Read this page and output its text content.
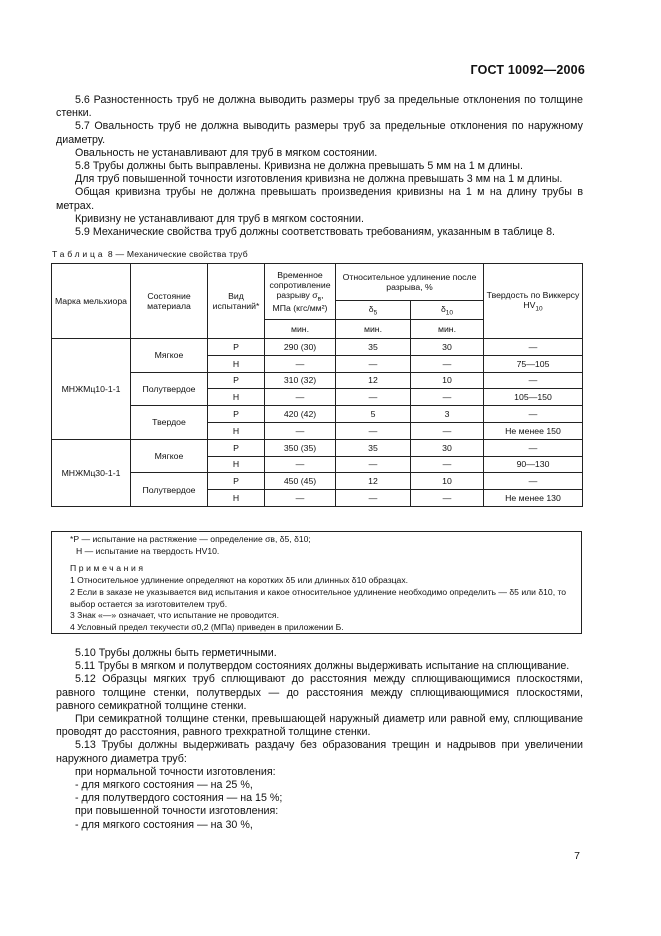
ГОСТ 10092—2006

5.6 Разностенность труб не должна выводить размеры труб за предельные отклонения по толщине стенки.

5.7 Овальность труб не должна выводить размеры труб за предельные отклонения по наружному диаметру.

Овальность не устанавливают для труб в мягком состоянии.

5.8 Трубы должны быть выправлены. Кривизна не должна превышать 5 мм на 1 м длины.

Для труб повышенной точности изготовления кривизна не должна превышать 3 мм на 1 м длины.

Общая кривизна трубы не должна превышать произведения кривизны на 1 м на длину трубы в метрах.

Кривизну не устанавливают для труб в мягком состоянии.

5.9 Механические свойства труб должны соответствовать требованиям, указанным в таблице 8.

Таблица 8 — Механические свойства труб
Марка мельхиора	Состояние материала	Вид испытаний*	Временное сопротивление разрыву $\sigma_в$, МПа (кгс/мм²)	Относительное удлинение после разрыва, %		Твердость по Виккерсу $HV_{10}$
				$\delta_5$	$\delta_{10}$
			мин.	мин.	мин.	
МНЖМц10-1-1	Мягкое	Р	290 (30)	35	30	—
		Н	—	—	—	75—105
	Полутвердое	Р	310 (32)	12	10	—
		Н	—	—	—	105—150
	Твердое	Р	420 (42)	5	3	—
		Н	—	—	—	Не менее 150
МНЖМц30-1-1	Мягкое	Р	350 (35)	35	30	—
		Н	—	—	—	90—130
	Полутвердое	Р	450 (45)	12	10	—
		Н	—	—	—	Не менее 130

*Р — испытание на растяжение — определение σв, δ5, δ10;

Н — испытание на твердость HV10.

Примечания

1 Относительное удлинение определяют на коротких δ5 или длинных δ10 образцах.

2 Если в заказе не указывается вид испытания и какое относительное удлинение необходимо определить — δ5 или δ10, то выбор остается за изготовителем труб.

3 Знак «—» означает, что испытание не проводится.

4 Условный предел текучести σ0,2 (МПа) приведен в приложении Б.

5.10 Трубы должны быть герметичными.

5.11 Трубы в мягком и полутвердом состояниях должны выдерживать испытание на сплющивание.

5.12 Образцы мягких труб сплющивают до расстояния между сплющивающимися плоскостями, равного толщине стенки, полутвердых — до расстояния между сплющивающимися плоскостями, равного семикратной толщине стенки.

При семикратной толщине стенки, превышающей наружный диаметр или равной ему, сплющивание проводят до расстояния, равного трехкратной толщине стенки.

5.13 Трубы должны выдерживать раздачу без образования трещин и надрывов при увеличении наружного диаметра труб:

при нормальной точности изготовления:

- для мягкого состояния — на 25 %,

- для полутвердого состояния — на 15 %;

при повышенной точности изготовления:

- для мягкого состояния — на 30 %,

7
